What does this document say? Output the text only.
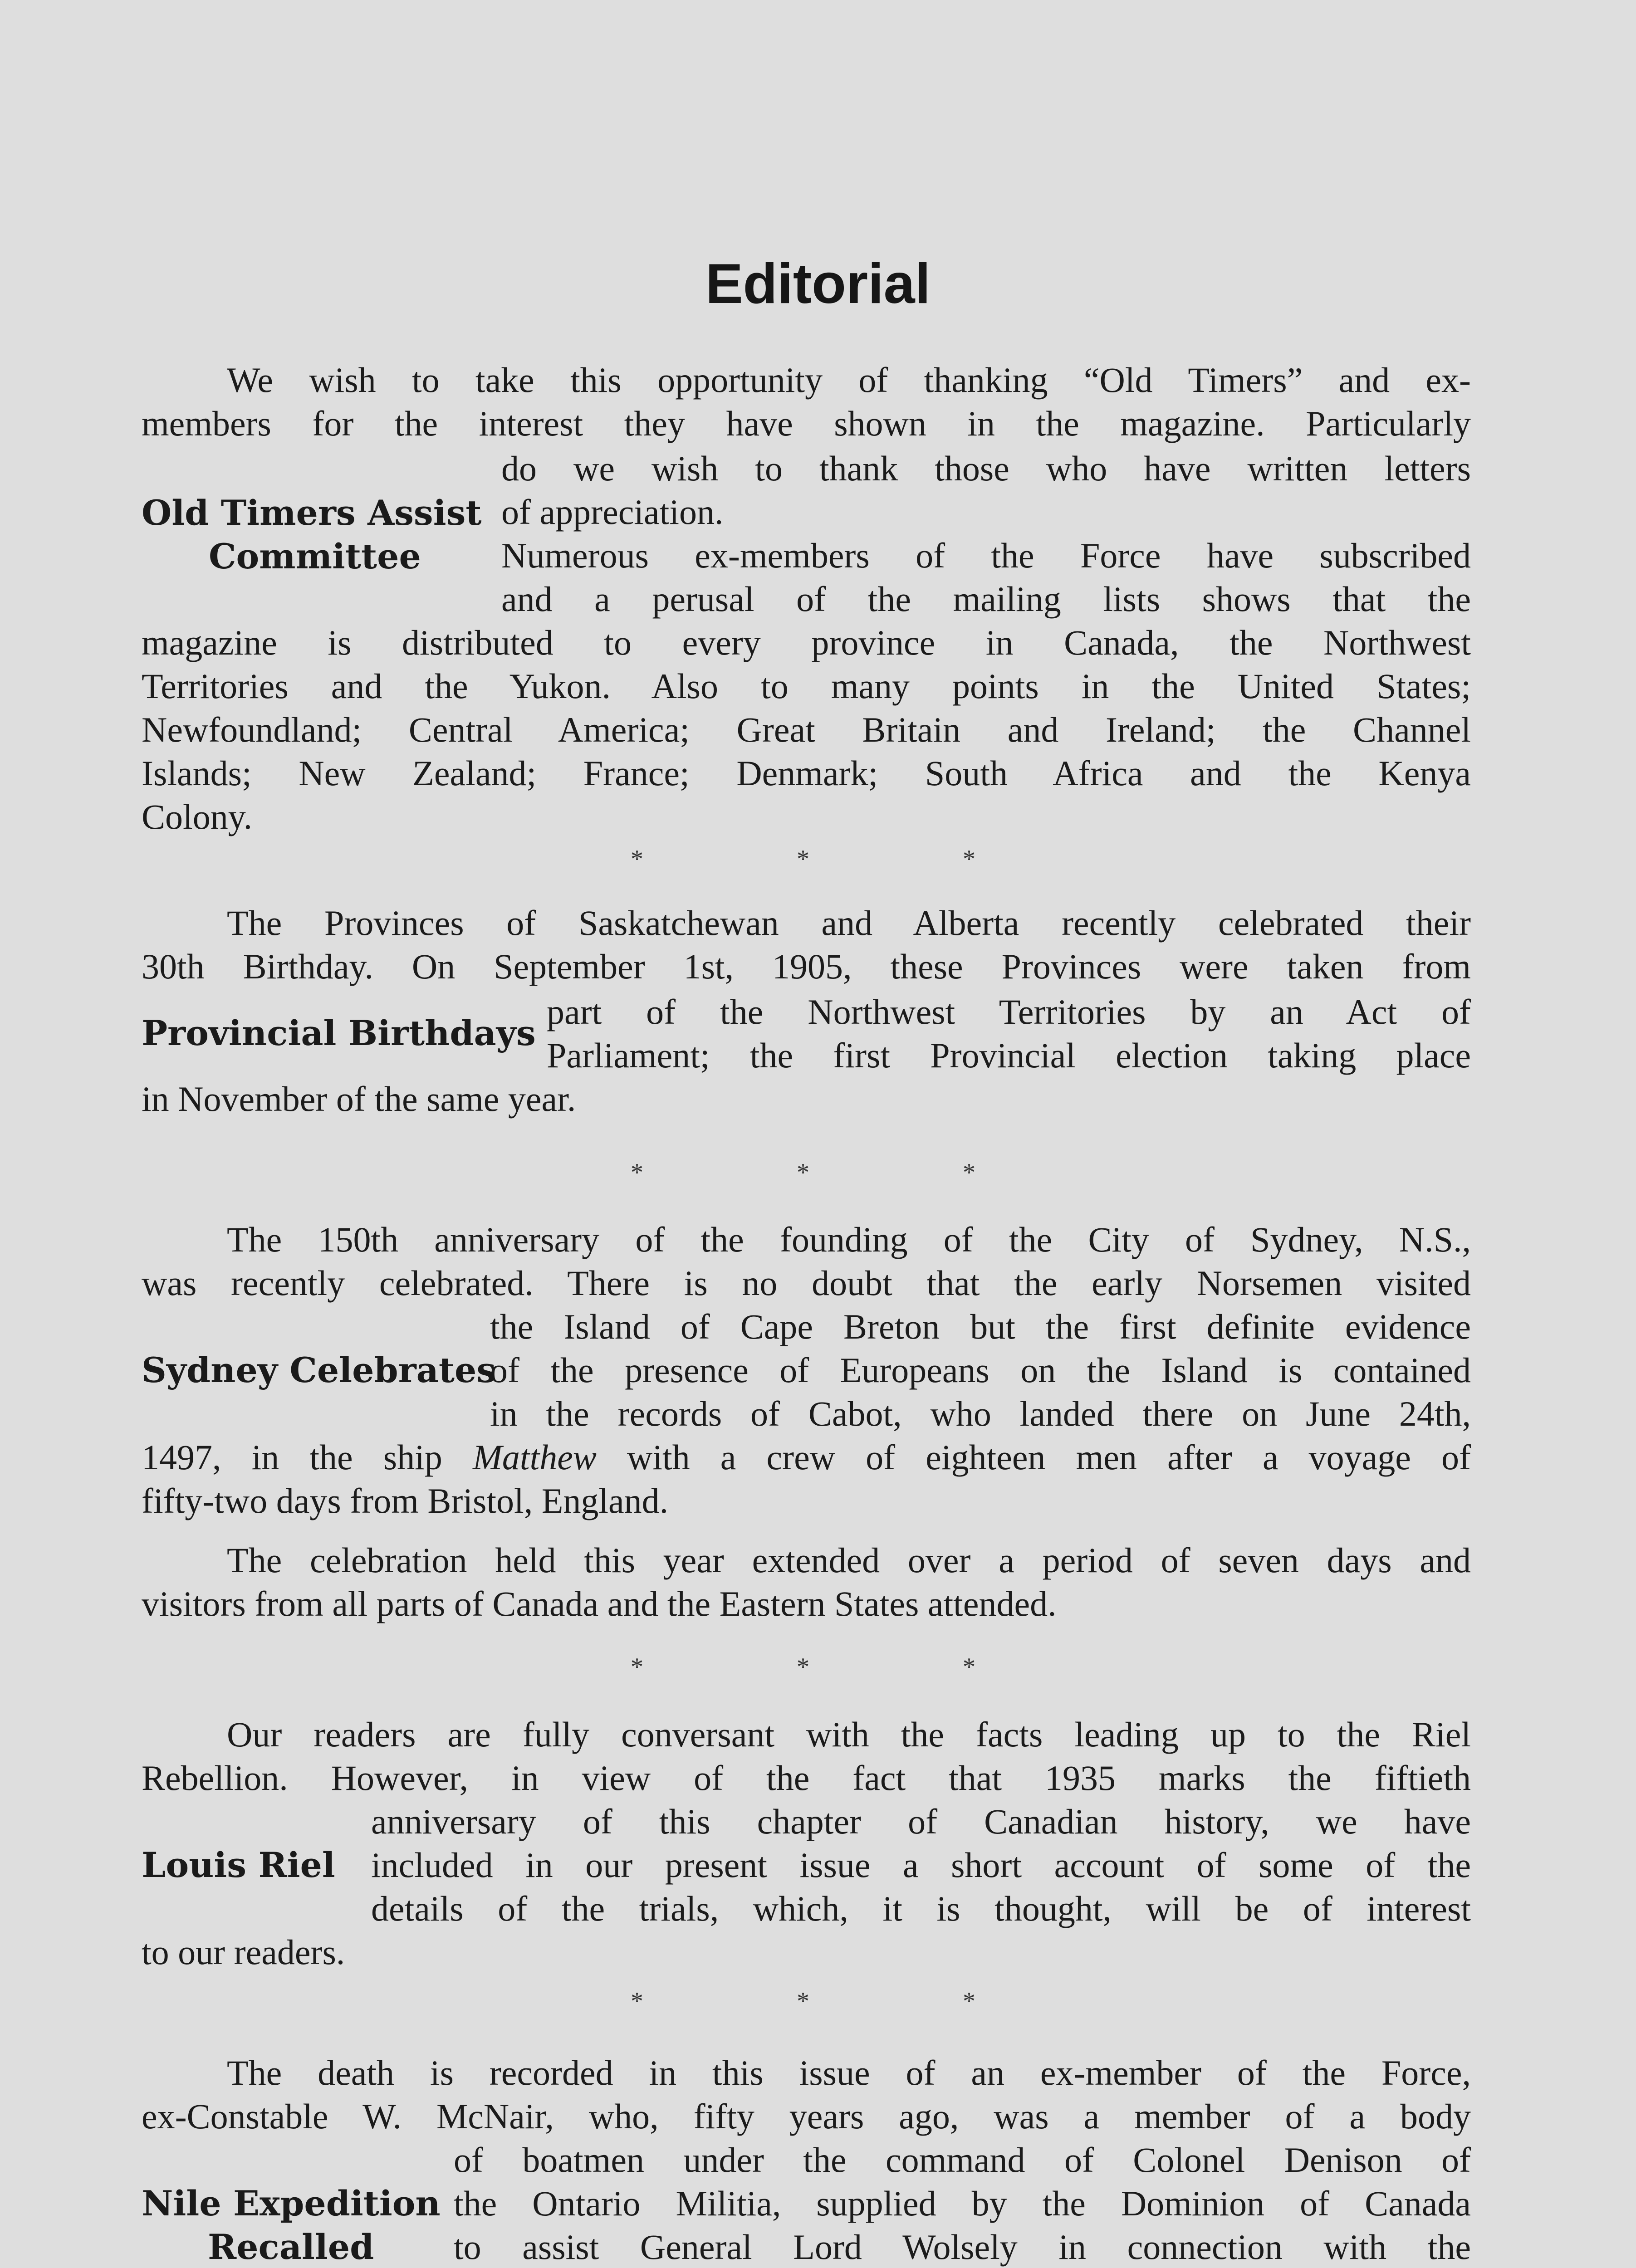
Editorial
We wish to take this opportunity of thanking “Old Timers” and ex-
members for the interest they have shown in the magazine. Particularly
do we wish to thank those who have written letters
of appreciation.
Numerous ex-members of the Force have subscribed
and a perusal of the mailing lists shows that the
magazine is distributed to every province in Canada, the Northwest
Territories and the Yukon. Also to many points in the United States;
Newfoundland; Central America; Great Britain and Ireland; the Channel
Islands; New Zealand; France; Denmark; South Africa and the Kenya
Colony.
Old Timers Assist
Committee
*	*	*
The Provinces of Saskatchewan and Alberta recently celebrated their
30th Birthday. On September 1st, 1905, these Provinces were taken from
part of the Northwest Territories by an Act of
Parliament; the first Provincial election taking place
in November of the same year.
Provincial Birthdays
*	*	*
The 150th anniversary of the founding of the City of Sydney, N.S.,
was recently celebrated. There is no doubt that the early Norsemen visited
the Island of Cape Breton but the first definite evidence
of the presence of Europeans on the Island is contained
in the records of Cabot, who landed there on June 24th,
1497, in the ship Matthew with a crew of eighteen men after a voyage of
fifty-two days from Bristol, England.
The celebration held this year extended over a period of seven days and
visitors from all parts of Canada and the Eastern States attended.
Sydney Celebrates
*	*	*
Our readers are fully conversant with the facts leading up to the Riel
Rebellion. However, in view of the fact that 1935 marks the fiftieth
anniversary of this chapter of Canadian history, we have
included in our present issue a short account of some of the
details of the trials, which, it is thought, will be of interest
to our readers.
Louis Riel
*	*	*
The death is recorded in this issue of an ex-member of the Force,
ex-Constable W. McNair, who, fifty years ago, was a member of a body
of boatmen under the command of Colonel Denison of
the Ontario Militia, supplied by the Dominion of Canada
to assist General Lord Wolsely in connection with the
Nile Expedition
Recalled
